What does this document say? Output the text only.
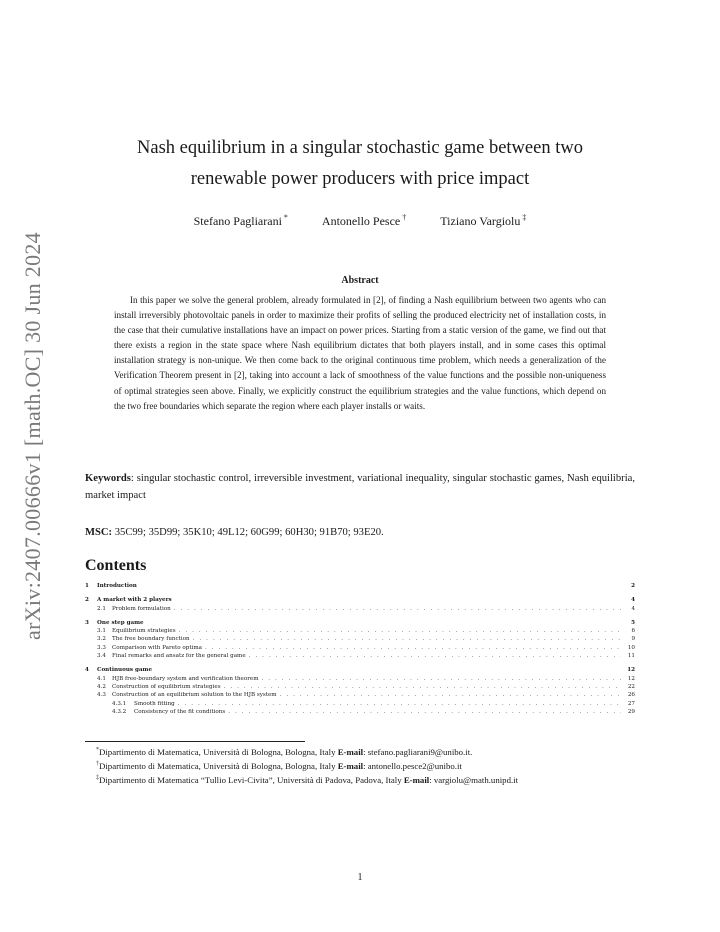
arXiv:2407.00666v1 [math.OC] 30 Jun 2024
Nash equilibrium in a singular stochastic game between two
renewable power producers with price impact
Stefano Pagliarani *	Antonello Pesce †	Tiziano Vargiolu ‡
Abstract

In this paper we solve the general problem, already formulated in [2], of finding a Nash equilibrium between two agents who can install irreversibly photovoltaic panels in order to maximize their profits of selling the produced electricity net of installation costs, in the case that their cumulative installations have an impact on power prices. Starting from a static version of the game, we find out that there exists a region in the state space where Nash equilibrium dictates that both players install, and in some cases this optimal installation strategy is non-unique. We then come back to the original continuous time problem, which needs a generalization of the Verification Theorem present in [2], taking into account a lack of smoothness of the value functions and the possible non-uniqueness of optimal strategies seen above. Finally, we explicitly construct the equilibrium strategies and the value functions, which depend on the two free boundaries which separate the region where each player installs or waits.

Keywords: singular stochastic control, irreversible investment, variational inequality, singular stochastic games, Nash equilibria, market impact

MSC: 35C99; 35D99; 35K10; 49L12; 60G99; 60H30; 91B70; 93E20.
Contents
1	Introduction	2
2	A market with 2 players	4
2.1	Problem formulation . . .	4
3	One step game	5
3.1	Equilibrium strategies . . .	6
3.2	The free boundary function . . .	9
3.3	Comparison with Pareto optima . . .	10
3.4	Final remarks and ansatz for the general game . . .	11
4	Continuous game	12
4.1	HJB free-boundary system and verification theorem . . .	12
4.2	Construction of equilibrium strategies . . .	22
4.3	Construction of an equilibrium solution to the HJB system . . .	26
4.3.1	Smooth fitting . . .	27
4.3.2	Consistency of the fit conditions . . .	29
*Dipartimento di Matematica, Università di Bologna, Bologna, Italy E-mail: stefano.pagliarani9@unibo.it.
†Dipartimento di Matematica, Università di Bologna, Bologna, Italy E-mail: antonello.pesce2@unibo.it
‡Dipartimento di Matematica “Tullio Levi-Civita”, Università di Padova, Padova, Italy E-mail: vargiolu@math.unipd.it
1
